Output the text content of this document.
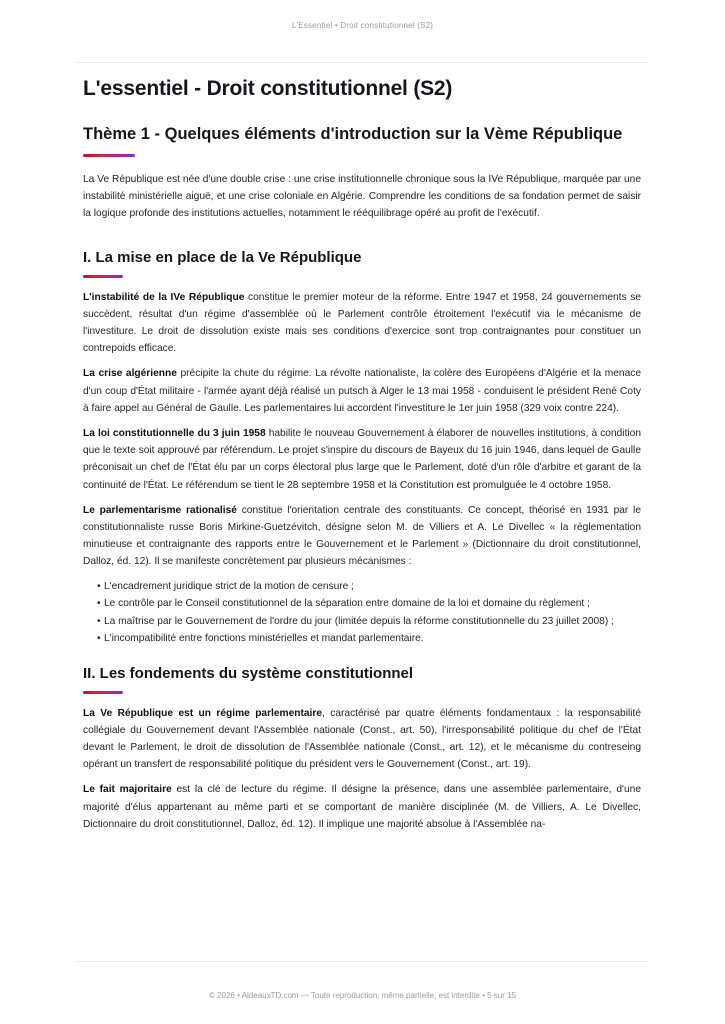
L'Essentiel • Droit constitutionnel (S2)
L'essentiel - Droit constitutionnel (S2)
Thème 1 - Quelques éléments d'introduction sur la Vème République

La Ve République est née d'une double crise : une crise institutionnelle chronique sous la IVe République, marquée par une instabilité ministérielle aiguë, et une crise coloniale en Algérie. Comprendre les conditions de sa fondation permet de saisir la logique profonde des institutions actuelles, notamment le rééquilibrage opéré au profit de l'exécutif.

I. La mise en place de la Ve République

L'instabilité de la IVe République constitue le premier moteur de la réforme. Entre 1947 et 1958, 24 gouvernements se succèdent, résultat d'un régime d'assemblée où le Parlement contrôle étroitement l'exécutif via le mécanisme de l'investiture. Le droit de dissolution existe mais ses conditions d'exercice sont trop contraignantes pour constituer un contrepoids efficace.

La crise algérienne précipite la chute du régime. La révolte nationaliste, la colère des Européens d'Algérie et la menace d'un coup d'État militaire - l'armée ayant déjà réalisé un putsch à Alger le 13 mai 1958 - conduisent le président René Coty à faire appel au Général de Gaulle. Les parlementaires lui accordent l'investiture le 1er juin 1958 (329 voix contre 224).

La loi constitutionnelle du 3 juin 1958 habilite le nouveau Gouvernement à élaborer de nouvelles institutions, à condition que le texte soit approuvé par référendum. Le projet s'inspire du discours de Bayeux du 16 juin 1946, dans lequel de Gaulle préconisait un chef de l'État élu par un corps électoral plus large que le Parlement, doté d'un rôle d'arbitre et garant de la continuité de l'État. Le référendum se tient le 28 septembre 1958 et la Constitution est promulguée le 4 octobre 1958.

Le parlementarisme rationalisé constitue l'orientation centrale des constituants. Ce concept, théorisé en 1931 par le constitutionnaliste russe Boris Mirkine-Guetzévitch, désigne selon M. de Villiers et A. Le Divellec « la réglementation minutieuse et contraignante des rapports entre le Gouvernement et le Parlement » (Dictionnaire du droit constitutionnel, Dalloz, éd. 12). Il se manifeste concrètement par plusieurs mécanismes :

• L'encadrement juridique strict de la motion de censure ;
• Le contrôle par le Conseil constitutionnel de la séparation entre domaine de la loi et domaine du règlement ;
• La maîtrise par le Gouvernement de l'ordre du jour (limitée depuis la réforme constitutionnelle du 23 juillet 2008) ;
• L'incompatibilité entre fonctions ministérielles et mandat parlementaire.
II. Les fondements du système constitutionnel

La Ve République est un régime parlementaire, caractérisé par quatre éléments fondamentaux : la responsabilité collégiale du Gouvernement devant l'Assemblée nationale (Const., art. 50), l'irresponsabilité politique du chef de l'État devant le Parlement, le droit de dissolution de l'Assemblée nationale (Const., art. 12), et le mécanisme du contreseing opérant un transfert de responsabilité politique du président vers le Gouvernement (Const., art. 19).

Le fait majoritaire est la clé de lecture du régime. Il désigne la présence, dans une assemblée parlementaire, d'une majorité d'élus appartenant au même parti et se comportant de manière disciplinée (M. de Villiers, A. Le Divellec, Dictionnaire du droit constitutionnel, Dalloz, éd. 12). Il implique une majorité absolue à l'Assemblée na-

© 2026 • AideauxTD.com — Toute reproduction, même partielle, est interdite • 5 sur 15
